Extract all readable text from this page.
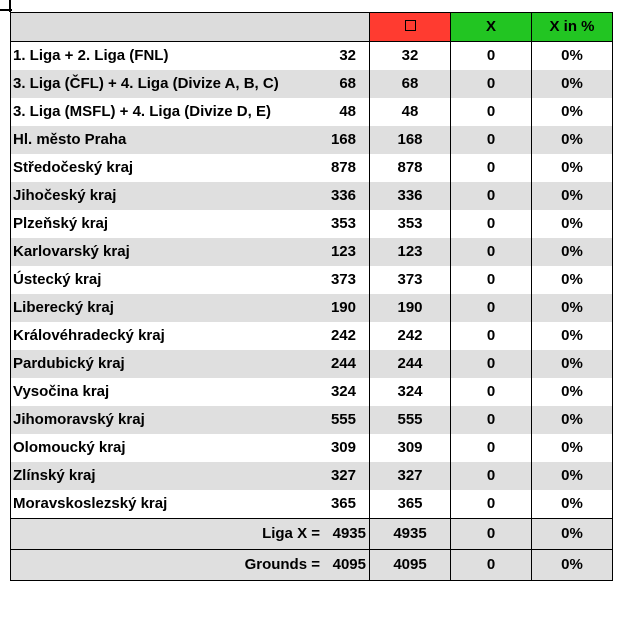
		X	X in %

1. Liga + 2. Liga (FNL) 32	32	0	0%

3. Liga (ČFL) + 4. Liga (Divize A, B, C) 68	68	0	0%

3. Liga (MSFL) + 4. Liga (Divize D, E) 48	48	0	0%

Hl. město Praha 168	168	0	0%

Středočeský kraj 878	878	0	0%

Jihočeský kraj 336	336	0	0%

Plzeňský kraj 353	353	0	0%

Karlovarský kraj 123	123	0	0%

Ústecký kraj 373	373	0	0%

Liberecký kraj 190	190	0	0%

Královéhradecký kraj 242	242	0	0%

Pardubický kraj 244	244	0	0%

Vysočina kraj 324	324	0	0%

Jihomoravský kraj 555	555	0	0%

Olomoucký kraj 309	309	0	0%

Zlínský kraj 327	327	0	0%

Moravskoslezský kraj 365	365	0	0%

Liga X = 4935	4935	0	0%

Grounds = 4095	4095	0	0%
